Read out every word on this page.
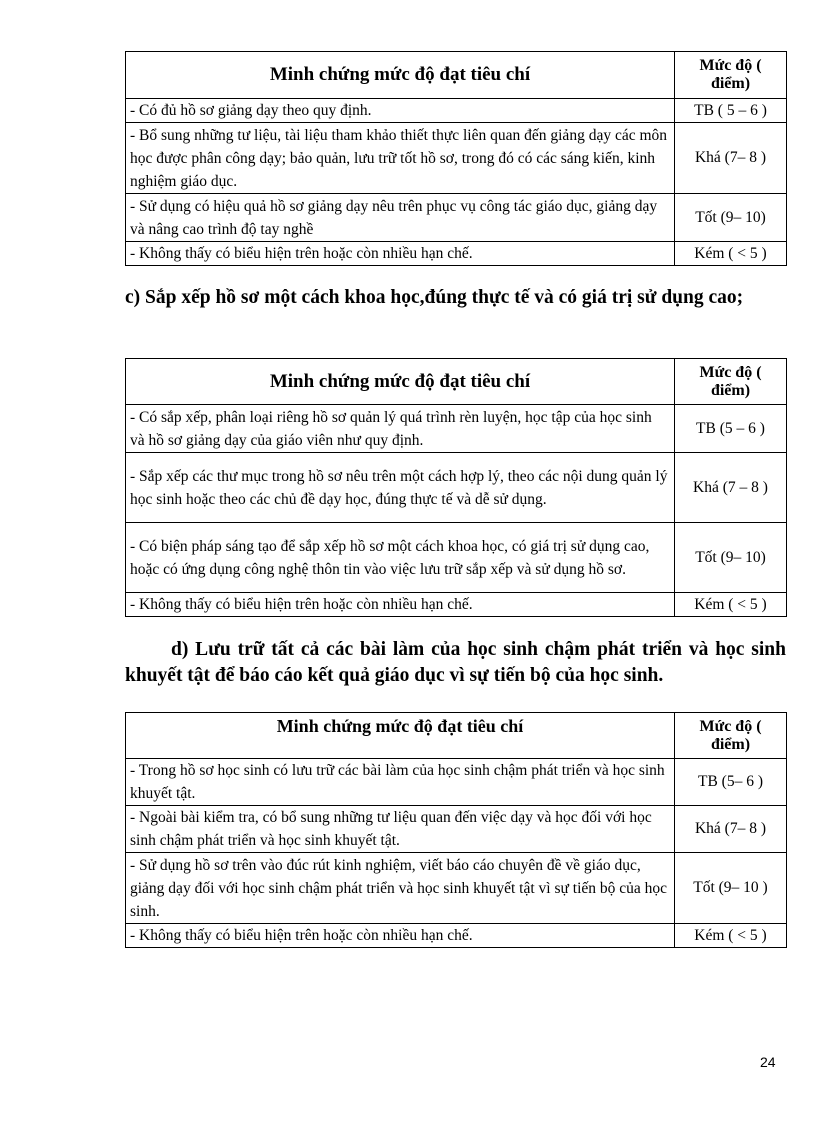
Minh chứng mức độ đạt tiêu chí	Mức độ ( điểm)
- Có đủ hồ sơ giảng dạy theo quy định.	TB ( 5 – 6 )
- Bổ sung những tư liệu, tài liệu tham khảo thiết thực liên quan đến giảng dạy các môn học được phân công dạy; bảo quản, lưu trữ tốt hồ sơ, trong đó có các sáng kiến, kinh nghiệm giáo dục.	Khá (7– 8 )
- Sử dụng có hiệu quả hồ sơ giảng dạy nêu trên phục vụ công tác giáo dục, giảng dạy và nâng cao trình độ tay nghề	Tốt (9– 10)
- Không thấy có biểu hiện trên hoặc còn nhiều hạn chế.	Kém ( < 5 )
c) Sắp xếp hồ sơ một cách khoa học,đúng thực tế và có giá trị sử dụng cao;
Minh chứng mức độ đạt tiêu chí	Mức độ ( điểm)
- Có sắp xếp, phân loại riêng hồ sơ quản lý quá trình rèn luyện, học tập của học sinh và hồ sơ giảng dạy của giáo viên như quy định.	TB (5 – 6 )
- Sắp xếp các thư mục trong hồ sơ nêu trên một cách hợp lý, theo các nội dung quản lý học sinh hoặc theo các chủ đề dạy học, đúng thực tế và dễ sử dụng.	Khá (7 – 8 )
- Có biện pháp sáng tạo để sắp xếp hồ sơ một cách khoa học, có giá trị sử dụng cao, hoặc có ứng dụng công nghệ thôn tin vào việc lưu trữ sắp xếp và sử dụng hồ sơ.	Tốt (9– 10)
- Không thấy có biểu hiện trên hoặc còn nhiều hạn chế.	Kém ( < 5 )
d) Lưu trữ tất cả các bài làm của học sinh chậm phát triển và học sinh khuyết tật để báo cáo kết quả giáo dục vì sự tiến bộ của học sinh.
Minh chứng mức độ đạt tiêu chí	Mức độ ( điểm)
- Trong hồ sơ học sinh có lưu trữ các bài làm của học sinh chậm phát triển và học sinh khuyết tật.	TB (5– 6 )
- Ngoài bài kiểm tra, có bổ sung những tư liệu quan đến việc dạy và học đối với học sinh chậm phát triển và học sinh khuyết tật.	Khá (7– 8 )
- Sử dụng hồ sơ trên vào đúc rút kinh nghiệm, viết báo cáo chuyên đề về giáo dục, giảng dạy đối với học sinh chậm phát triển và học sinh khuyết tật vì sự tiến bộ của học sinh.	Tốt (9– 10 )
- Không thấy có biểu hiện trên hoặc còn nhiều hạn chế.	Kém ( < 5 )
24
